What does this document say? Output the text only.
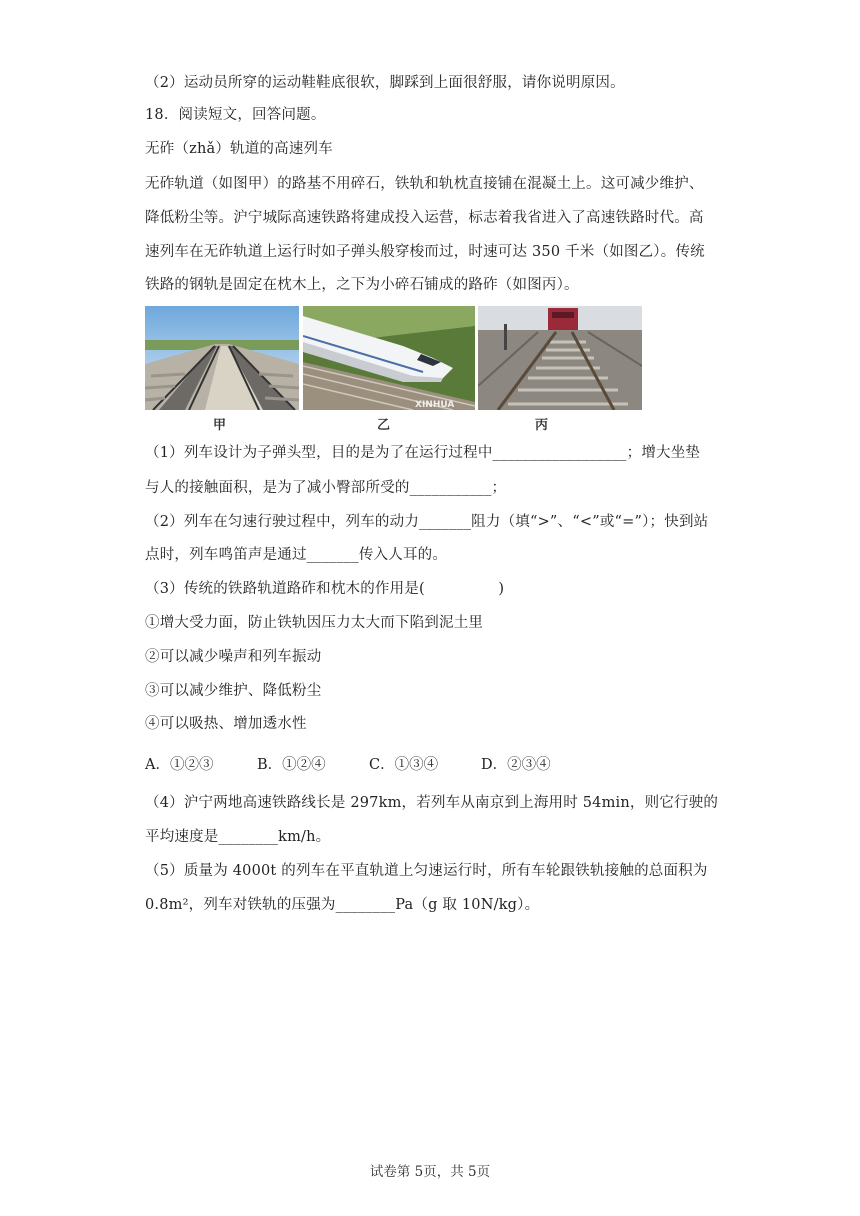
（2）运动员所穿的运动鞋鞋底很软，脚踩到上面很舒服，请你说明原因。
18．阅读短文，回答问题。
无砟（zhǎ）轨道的高速列车
无砟轨道（如图甲）的路基不用碎石，铁轨和轨枕直接铺在混凝土上。这可减少维护、
降低粉尘等。沪宁城际高速铁路将建成投入运营，标志着我省进入了高速铁路时代。高
速列车在无砟轨道上运行时如子弹头般穿梭而过，时速可达 350 千米（如图乙）。传统
铁路的钢轨是固定在枕木上，之下为小碎石铺成的路砟（如图丙）。
XINHUA
甲	乙	丙
（1）列车设计为子弹头型，目的是为了在运行过程中__________________；增大坐垫
与人的接触面积，是为了减小臀部所受的___________；
（2）列车在匀速行驶过程中，列车的动力_______阻力（填“>”、“<”或“=”）；快到站
点时，列车鸣笛声是通过_______传入人耳的。
（3）传统的铁路轨道路砟和枕木的作用是(　　　　　)
①增大受力面，防止铁轨因压力太大而下陷到泥土里
②可以减少噪声和列车振动
③可以减少维护、降低粉尘
④可以吸热、增加透水性
A．①②③	B．①②④	C．①③④	D．②③④
（4）沪宁两地高速铁路线长是 297km，若列车从南京到上海用时 54min，则它行驶的
平均速度是________km/h。
（5）质量为 4000t 的列车在平直轨道上匀速运行时，所有车轮跟铁轨接触的总面积为
0.8m²，列车对铁轨的压强为________Pa（g 取 10N/kg）。
试卷第 5页，共 5页
